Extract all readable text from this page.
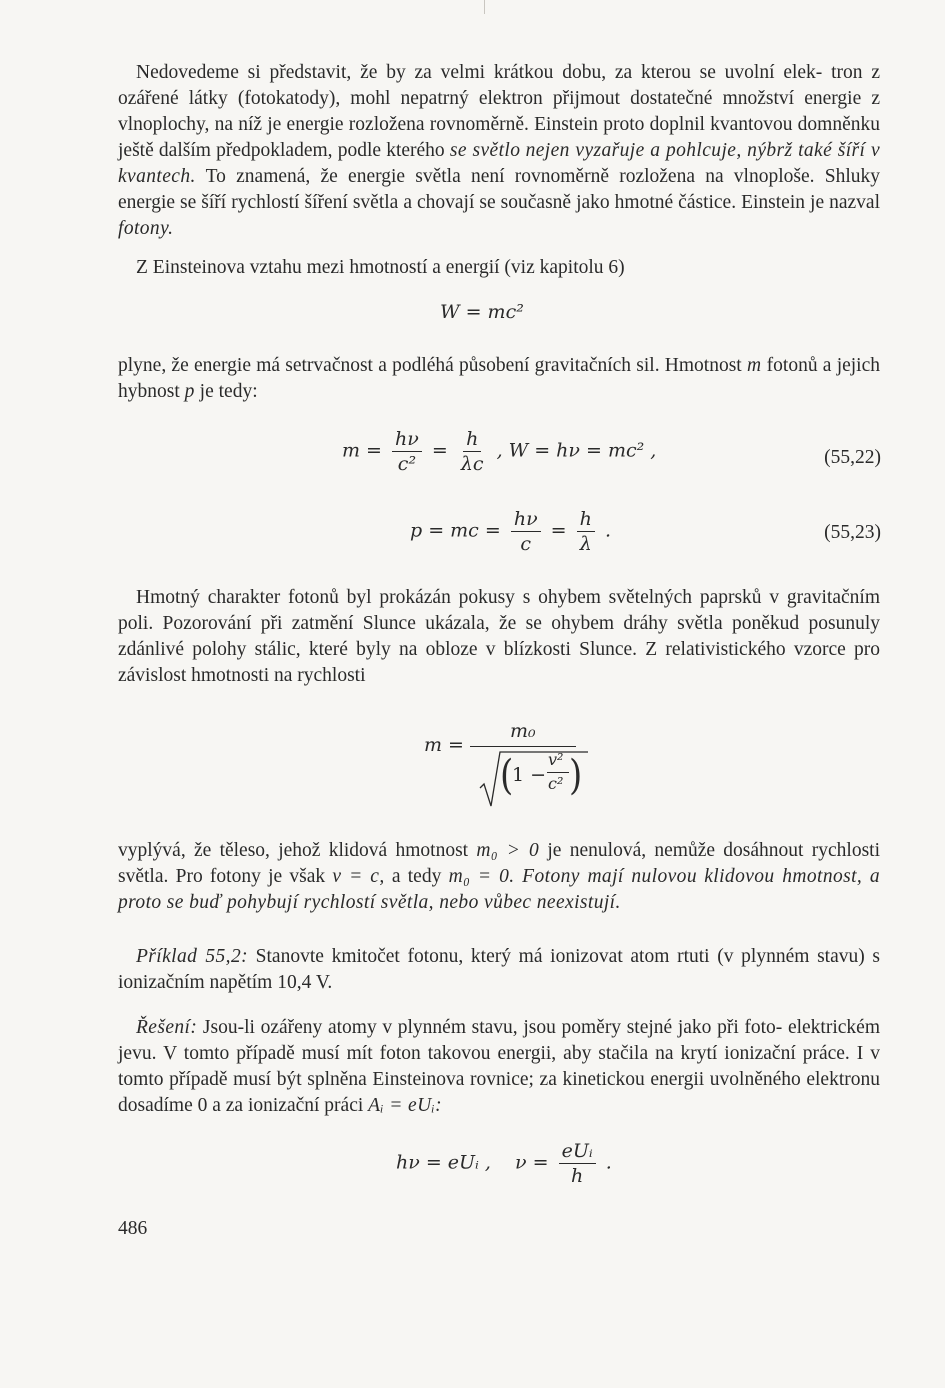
Nedovedeme si představit, že by za velmi krátkou dobu, za kterou se uvolní elek- tron z ozářené látky (fotokatody), mohl nepatrný elektron přijmout dostatečné množství energie z vlnoplochy, na níž je energie rozložena rovnoměrně. Einstein proto doplnil kvantovou domněnku ještě dalším předpokladem, podle kterého se světlo nejen vyzařuje a pohlcuje, nýbrž také šíří v kvantech. To znamená, že energie světla není rovnoměrně rozložena na vlnoploše. Shluky energie se šíří rychlostí šíření světla a chovají se současně jako hmotné částice. Einstein je nazval fotony.

Z Einsteinova vztahu mezi hmotností a energií (viz kapitolu 6)

W = mc²

plyne, že energie má setrvačnost a podléhá působení gravitačních sil. Hmotnost m fotonů a jejich hybnost p je tedy:

$m = \frac{h\nu}{\text{c²}} = \frac{h}{\lambda c}$ , W = hν = mc² ,	(55,22)
p = mc = $\frac{h\nu}{c} = \frac{h}{\lambda}$ .	(55,23)

Hmotný charakter fotonů byl prokázán pokusy s ohybem světelných paprsků v gravitačním poli. Pozorování při zatmění Slunce ukázala, že se ohybem dráhy světla poněkud posunuly zdánlivé polohy stálic, které byly na obloze v blízkosti Slunce. Z relativistického vzorce pro závislost hmotnosti na rychlosti

m =
m₀
(
1 −
v²
c² )

vyplývá, že těleso, jehož klidová hmotnost m₀ > 0 je nenulová, nemůže dosáhnout rychlosti světla. Pro fotony je však v = c, a tedy m₀ = 0. Fotony mají nulovou klidovou hmotnost, a proto se buď pohybují rychlostí světla, nebo vůbec neexistují.

Příklad 55,2: Stanovte kmitočet fotonu, který má ionizovat atom rtuti (v plynném stavu) s ionizačním napětím 10,4 V.

Řešení: Jsou-li ozářeny atomy v plynném stavu, jsou poměry stejné jako při foto- elektrickém jevu. V tomto případě musí mít foton takovou energii, aby stačila na krytí ionizační práce. I v tomto případě musí být splněna Einsteinova rovnice; za kinetickou energii uvolněného elektronu dosadíme 0 a za ionizační práci Aᵢ = eUᵢ:

hν = eUᵢ , $\nu = \frac{\text{eUᵢ}}{h}$ .
486
